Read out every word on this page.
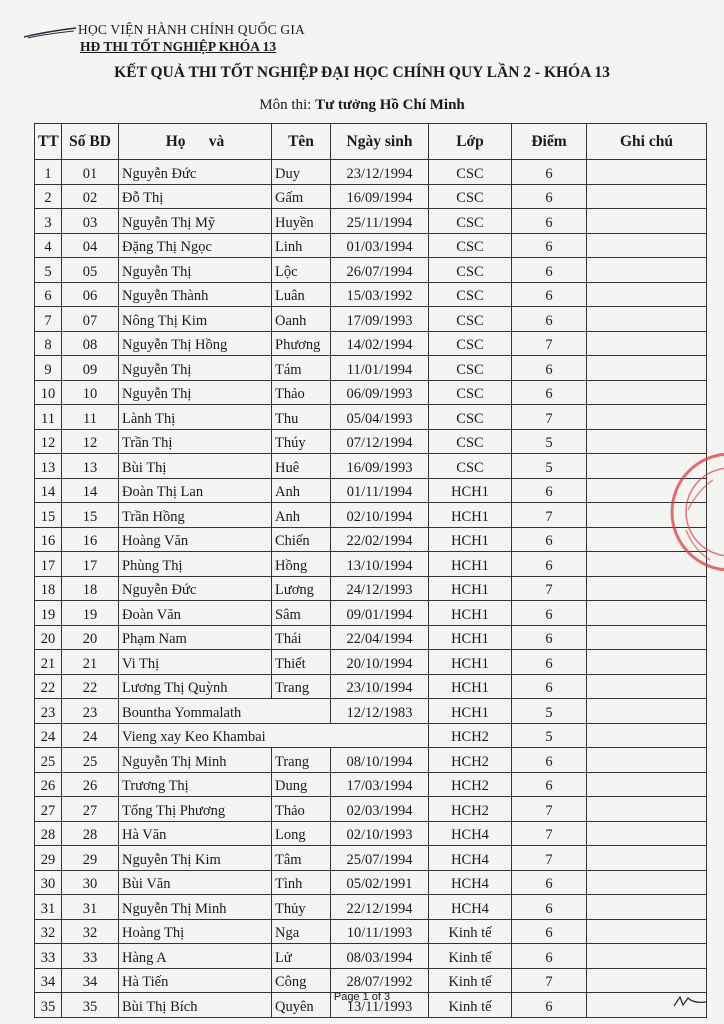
HỌC VIỆN HÀNH CHÍNH QUỐC GIA
HĐ THI TỐT NGHIỆP KHÓA 13
KẾT QUẢ THI TỐT NGHIỆP ĐẠI HỌC CHÍNH QUY LẦN 2 - KHÓA 13
Môn thi: Tư tưởng Hồ Chí Minh
TT	Số BD	Họ và	Tên	Ngày sinh	Lớp	Điểm	Ghi chú
1	01	Nguyễn Đức	Duy	23/12/1994	CSC	6	
2	02	Đỗ Thị	Gấm	16/09/1994	CSC	6	
3	03	Nguyễn Thị Mỹ	Huyền	25/11/1994	CSC	6	
4	04	Đặng Thị Ngọc	Linh	01/03/1994	CSC	6	
5	05	Nguyễn Thị	Lộc	26/07/1994	CSC	6	
6	06	Nguyễn Thành	Luân	15/03/1992	CSC	6	
7	07	Nông Thị Kim	Oanh	17/09/1993	CSC	6	
8	08	Nguyễn Thị Hồng	Phương	14/02/1994	CSC	7	
9	09	Nguyễn Thị	Tám	11/01/1994	CSC	6	
10	10	Nguyễn Thị	Thảo	06/09/1993	CSC	6	
11	11	Lành Thị	Thu	05/04/1993	CSC	7	
12	12	Trần Thị	Thúy	07/12/1994	CSC	5	
13	13	Bùi Thị	Huê	16/09/1993	CSC	5	
14	14	Đoàn Thị Lan	Anh	01/11/1994	HCH1	6	
15	15	Trần Hồng	Anh	02/10/1994	HCH1	7	
16	16	Hoàng Văn	Chiến	22/02/1994	HCH1	6	
17	17	Phùng Thị	Hồng	13/10/1994	HCH1	6	
18	18	Nguyễn Đức	Lương	24/12/1993	HCH1	7	
19	19	Đoàn Văn	Sâm	09/01/1994	HCH1	6	
20	20	Phạm Nam	Thái	22/04/1994	HCH1	6	
21	21	Vi Thị	Thiết	20/10/1994	HCH1	6	
22	22	Lương Thị Quỳnh	Trang	23/10/1994	HCH1	6	
23	23	Bountha Yommalath		12/12/1983	HCH1	5	
24	24	Vieng xay Keo Khambai			HCH2	5	
25	25	Nguyễn Thị Minh	Trang	08/10/1994	HCH2	6	
26	26	Trương Thị	Dung	17/03/1994	HCH2	6	
27	27	Tống Thị Phương	Thảo	02/03/1994	HCH2	7	
28	28	Hà Văn	Long	02/10/1993	HCH4	7	
29	29	Nguyễn Thị Kim	Tâm	25/07/1994	HCH4	7	
30	30	Bùi Văn	Tình	05/02/1991	HCH4	6	
31	31	Nguyễn Thị Minh	Thủy	22/12/1994	HCH4	6	
32	32	Hoàng Thị	Nga	10/11/1993	Kinh tế	6	
33	33	Hàng A	Lử	08/03/1994	Kinh tế	6	
34	34	Hà Tiến	Công	28/07/1992	Kinh tế	7	
35	35	Bùi Thị Bích	Quyên	13/11/1993	Kinh tế	6	
Page 1 of 3
